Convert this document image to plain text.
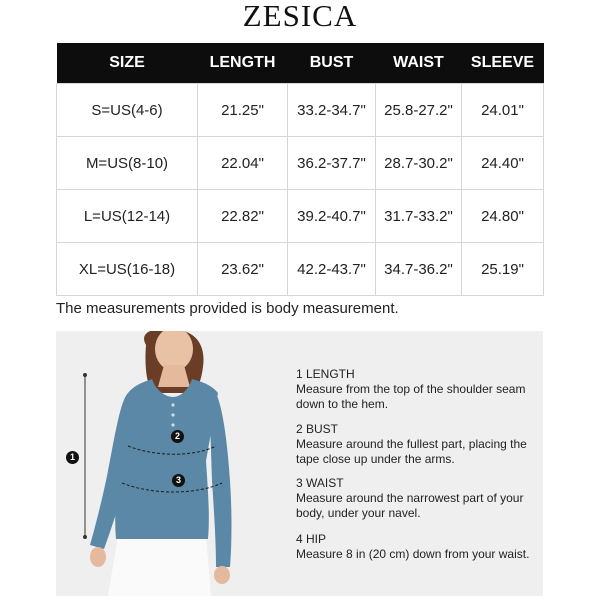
ZESICA
SIZE	LENGTH	BUST	WAIST	SLEEVE
S=US(4-6)	21.25"	33.2-34.7"	25.8-27.2"	24.01"
M=US(8-10)	22.04"	36.2-37.7"	28.7-30.2"	24.40"
L=US(12-14)	22.82"	39.2-40.7"	31.7-33.2"	24.80"
XL=US(16-18)	23.62"	42.2-43.7"	34.7-36.2"	25.19"
The measurements provided is body measurement.
1
2
3
1 LENGTH
Measure from the top of the shoulder seam down to the hem.
2 BUST
Measure around the fullest part, placing the tape close up under the arms.
3 WAIST
Measure around the narrowest part of your body, under your navel.
4 HIP
Measure 8 in (20 cm) down from your waist.
